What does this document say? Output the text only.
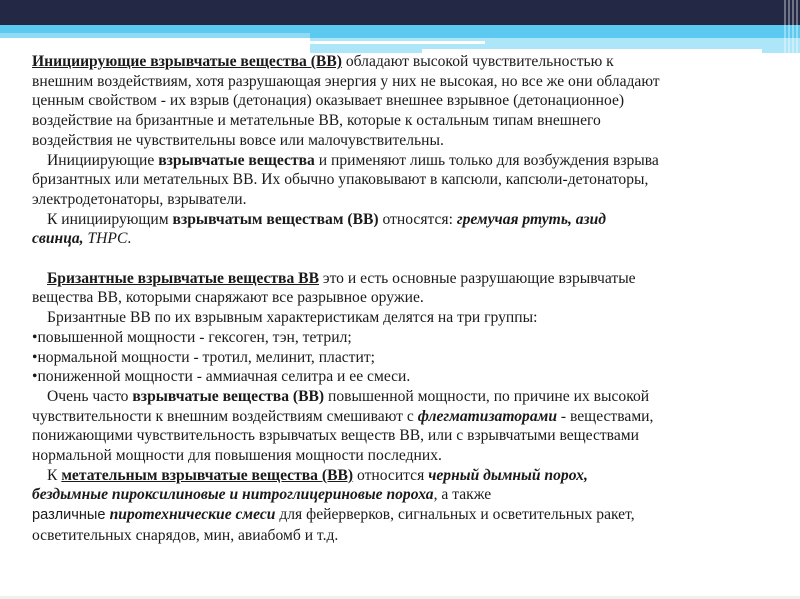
Инициирующие взрывчатые вещества (ВВ) обладают высокой чувствительностью к
внешним воздействиям, хотя разрушающая энергия у них не высокая, но все же они обладают
ценным свойством - их взрыв (детонация) оказывает внешнее взрывное (детонационное)
воздействие на бризантные и метательные ВВ, которые к остальным типам внешнего
воздействия не чувствительны вовсе или малочувствительны.
Инициирующие взрывчатые вещества и применяют лишь только для возбуждения взрыва
бризантных или метательных ВВ. Их обычно упаковывают в капсюли, капсюли-детонаторы,
электродетонаторы, взрыватели.
К инициирующим взрывчатым веществам (ВВ) относятся: гремучая ртуть, азид
свинца, ТНРС.
Бризантные взрывчатые вещества ВВ это и есть основные разрушающие взрывчатые
вещества ВВ, которыми снаряжают все разрывное оружие.
Бризантные ВВ по их взрывным характеристикам делятся на три группы:
•повышенной мощности - гексоген, тэн, тетрил;
•нормальной мощности - тротил, мелинит, пластит;
•пониженной мощности - аммиачная селитра и ее смеси.
Очень часто взрывчатые вещества (ВВ) повышенной мощности, по причине их высокой
чувствительности к внешним воздействиям смешивают с флегматизаторами - веществами,
понижающими чувствительность взрывчатых веществ ВВ, или с взрывчатыми веществами
нормальной мощности для повышения мощности последних.
К метательным взрывчатые вещества (ВВ) относится черный дымный порох,
бездымные пироксилиновые и нитроглицериновые пороха, а также
различные пиротехнические смеси для фейерверков, сигнальных и осветительных ракет,
осветительных снарядов, мин, авиабомб и т.д.
